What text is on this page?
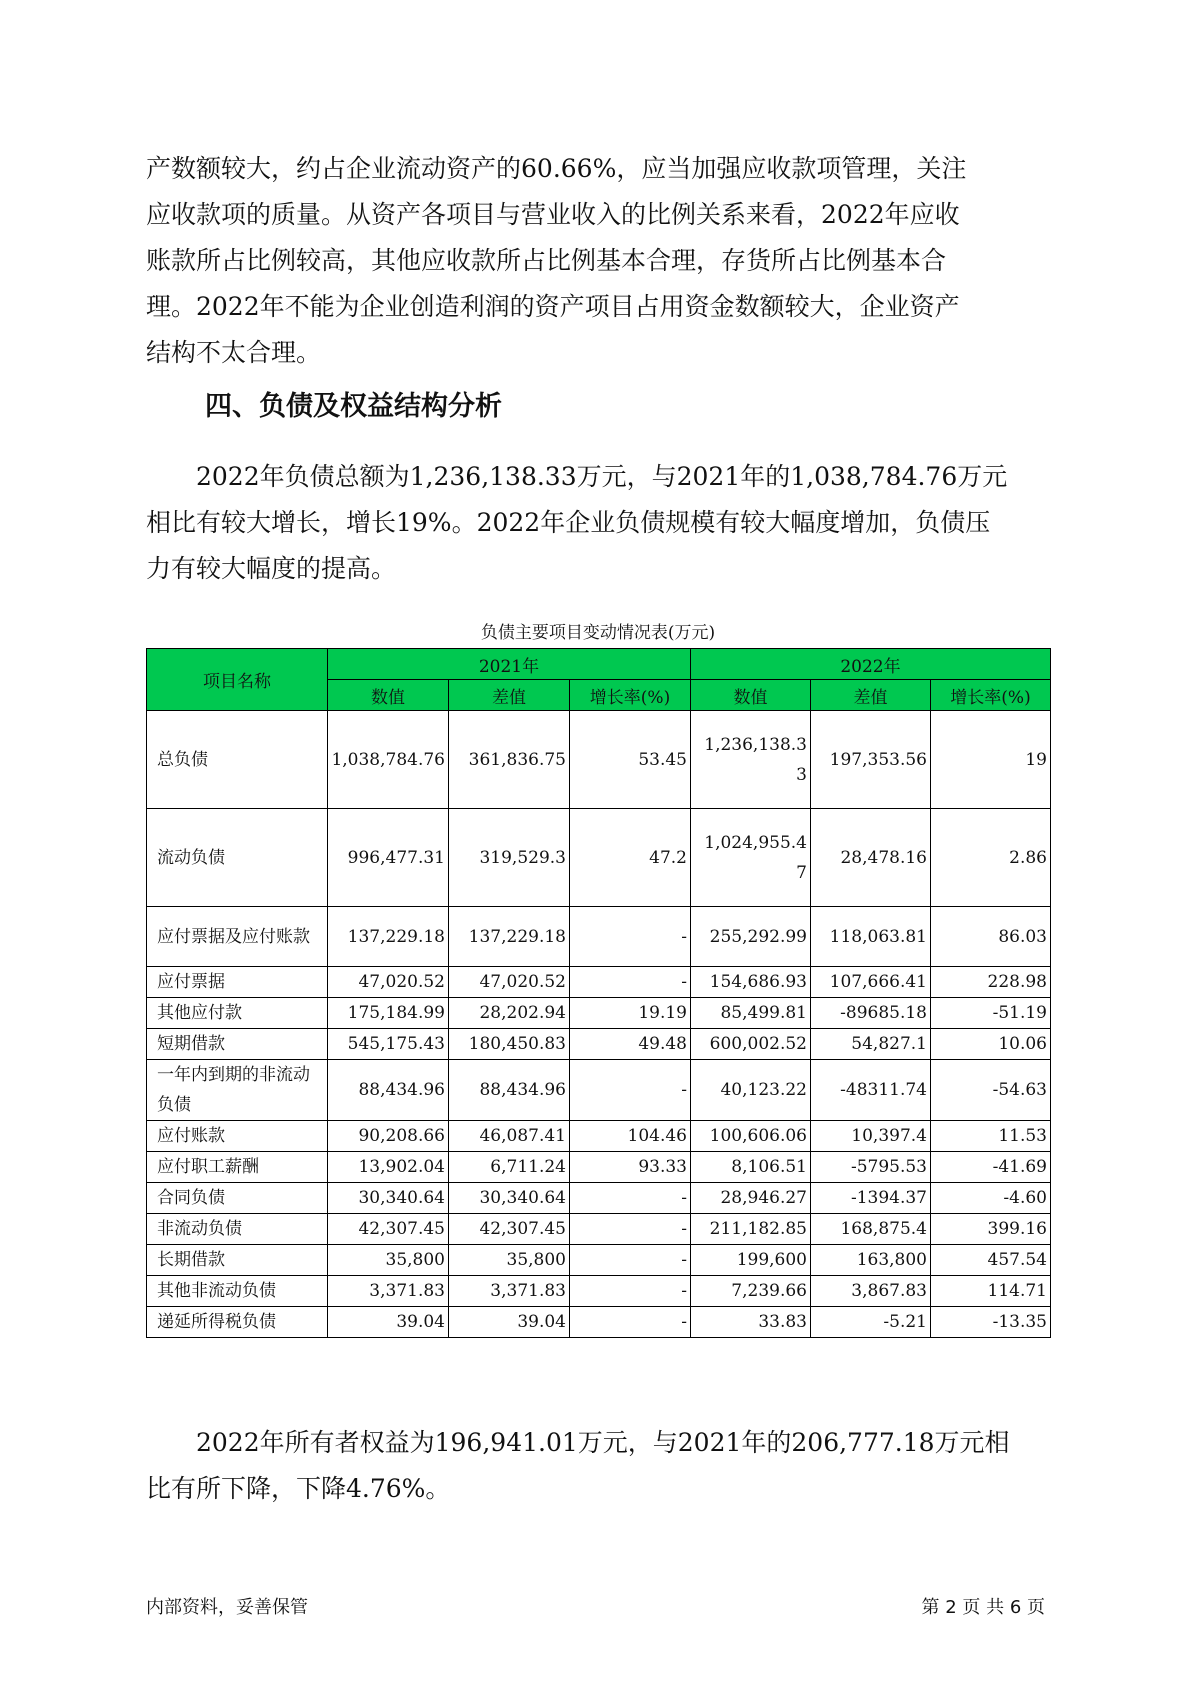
产数额较大，约占企业流动资产的60.66%，应当加强应收款项管理，关注
应收款项的质量。从资产各项目与营业收入的比例关系来看，2022年应收
账款所占比例较高，其他应收款所占比例基本合理，存货所占比例基本合
理。2022年不能为企业创造利润的资产项目占用资金数额较大，企业资产
结构不太合理。
四、负债及权益结构分析
2022年负债总额为1,236,138.33万元，与2021年的1,038,784.76万元
相比有较大增长，增长19%。2022年企业负债规模有较大幅度增加，负债压
力有较大幅度的提高。

负债主要项目变动情况表(万元)

项目名称	2021年			2022年		
	数值	差值	增长率(%)	数值	差值	增长率(%)
总负债	1,038,784.76	361,836.75	53.45	1,236,138.33	197,353.56	19
流动负债	996,477.31	319,529.3	47.2	1,024,955.47	28,478.16	2.86
应付票据及应付账款	137,229.18	137,229.18	-	255,292.99	118,063.81	86.03
应付票据	47,020.52	47,020.52	-	154,686.93	107,666.41	228.98
其他应付款	175,184.99	28,202.94	19.19	85,499.81	-89685.18	-51.19
短期借款	545,175.43	180,450.83	49.48	600,002.52	54,827.1	10.06
一年内到期的非流动负债	88,434.96	88,434.96	-	40,123.22	-48311.74	-54.63
应付账款	90,208.66	46,087.41	104.46	100,606.06	10,397.4	11.53
应付职工薪酬	13,902.04	6,711.24	93.33	8,106.51	-5795.53	-41.69
合同负债	30,340.64	30,340.64	-	28,946.27	-1394.37	-4.60
非流动负债	42,307.45	42,307.45	-	211,182.85	168,875.4	399.16
长期借款	35,800	35,800	-	199,600	163,800	457.54
其他非流动负债	3,371.83	3,371.83	-	7,239.66	3,867.83	114.71
递延所得税负债	39.04	39.04	-	33.83	-5.21	-13.35
2022年所有者权益为196,941.01万元，与2021年的206,777.18万元相
比有所下降，下降4.76%。

内部资料，妥善保管	第 2 页 共 6 页
